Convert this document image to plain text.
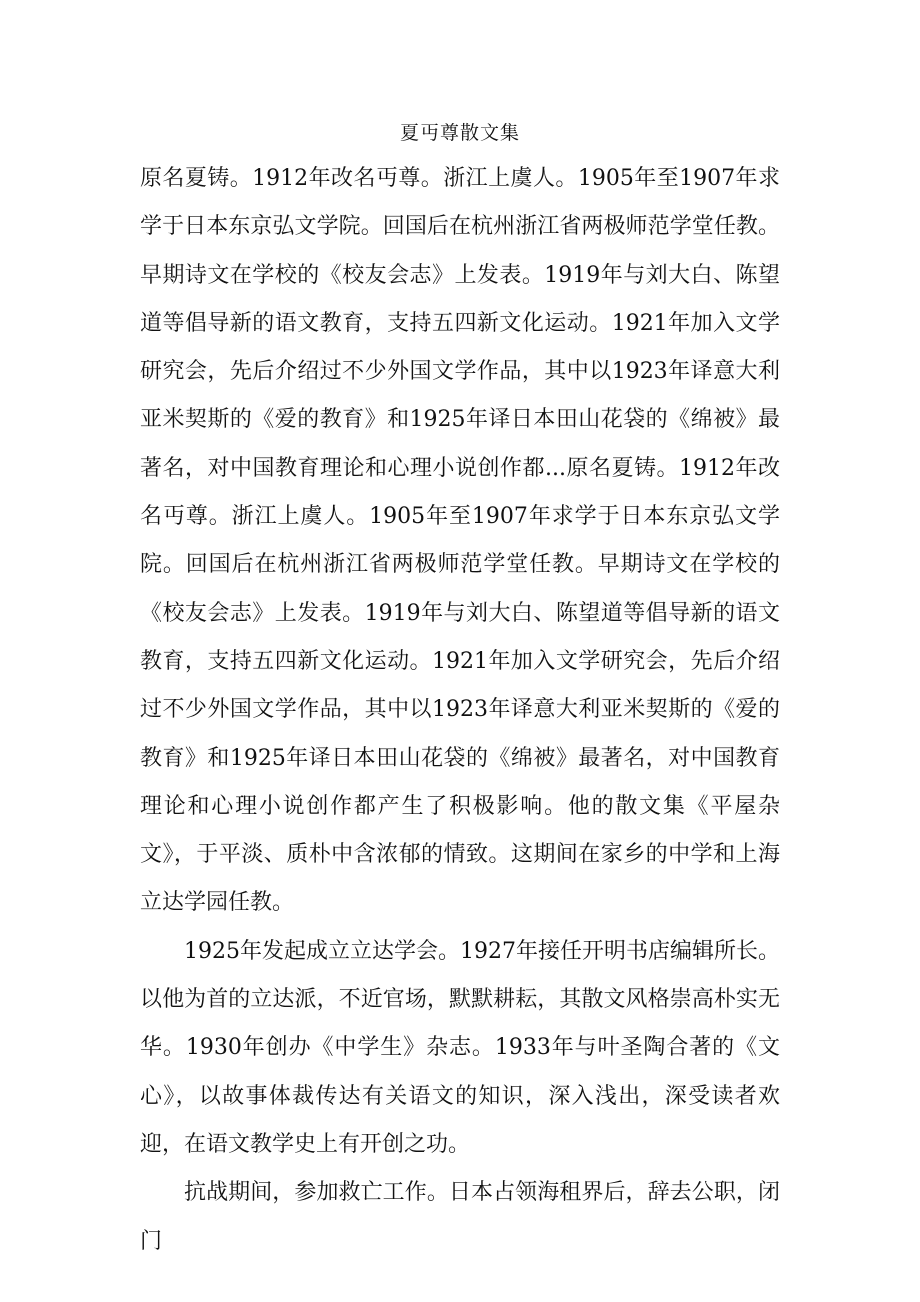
夏丏尊散文集

原名夏铸。1912年改名丏尊。浙江上虞人。1905年至1907年求学于日本东京弘文学院。回国后在杭州浙江省两极师范学堂任教。早期诗文在学校的《校友会志》上发表。1919年与刘大白、陈望道等倡导新的语文教育，支持五四新文化运动。1921年加入文学研究会，先后介绍过不少外国文学作品，其中以1923年译意大利亚米契斯的《爱的教育》和1925年译日本田山花袋的《绵被》最著名，对中国教育理论和心理小说创作都...原名夏铸。1912年改名丏尊。浙江上虞人。1905年至1907年求学于日本东京弘文学院。回国后在杭州浙江省两极师范学堂任教。早期诗文在学校的《校友会志》上发表。1919年与刘大白、陈望道等倡导新的语文教育，支持五四新文化运动。1921年加入文学研究会，先后介绍过不少外国文学作品，其中以1923年译意大利亚米契斯的《爱的教育》和1925年译日本田山花袋的《绵被》最著名，对中国教育理论和心理小说创作都产生了积极影响。他的散文集《平屋杂文》，于平淡、质朴中含浓郁的情致。这期间在家乡的中学和上海立达学园任教。

1925年发起成立立达学会。1927年接任开明书店编辑所长。以他为首的立达派，不近官场，默默耕耘，其散文风格崇高朴实无华。1930年创办《中学生》杂志。1933年与叶圣陶合著的《文心》，以故事体裁传达有关语文的知识，深入浅出，深受读者欢迎，在语文教学史上有开创之功。

抗战期间，参加救亡工作。日本占领海租界后，辞去公职，闭门
